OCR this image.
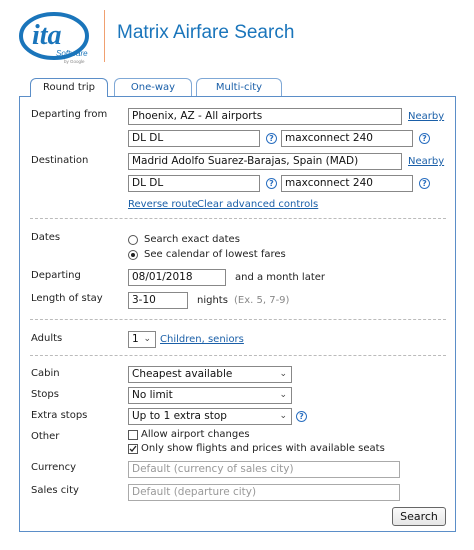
ita
Software
by Google
Matrix Airfare Search
Round trip	One-way	Multi-city
Departing from	Phoenix, AZ - All airports	Nearby
DL DL	?	maxconnect 240	?
Destination	Madrid Adolfo Suarez-Barajas, Spain (MAD)	Nearby
DL DL	?	maxconnect 240	?
Reverse route Clear advanced controls
Dates	Search exact dates
See calendar of lowest fares
Departing	08/01/2018	and a month later
Length of stay	3-10	nights (Ex. 5, 7-9)
Adults	1 ⌄ Children, seniors
Cabin	Cheapest available	⌄
Stops	No limit	⌄
Extra stops	Up to 1 extra stop	⌄	?
Other	Allow airport changes
Only show flights and prices with available seats
Currency	Default (currency of sales city)
Sales city	Default (departure city)
Search
